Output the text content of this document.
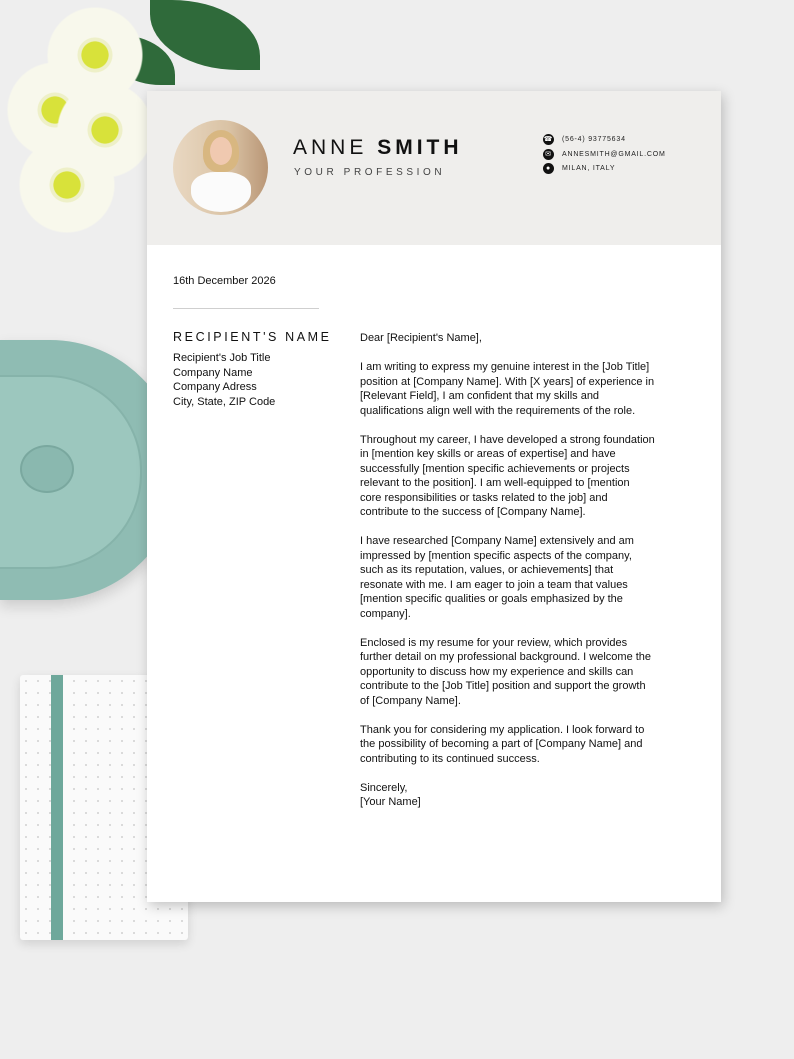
ANNE SMITH
YOUR PROFESSION
☎ (56-4) 93775634
✉	ANNESMITH@GMAIL.COM
●	MILAN, ITALY
16th December 2026
RECIPIENT'S NAME
Recipient's Job Title
Company Name
Company Adress
City, State, ZIP Code
Dear [Recipient's Name],
I am writing to express my genuine interest in the [Job Title]
position at [Company Name]. With [X years] of experience in
[Relevant Field], I am confident that my skills and
qualifications align well with the requirements of the role.
Throughout my career, I have developed a strong foundation
in [mention key skills or areas of expertise] and have
successfully [mention specific achievements or projects
relevant to the position]. I am well-equipped to [mention
core responsibilities or tasks related to the job] and
contribute to the success of [Company Name].
I have researched [Company Name] extensively and am
impressed by [mention specific aspects of the company,
such as its reputation, values, or achievements] that
resonate with me. I am eager to join a team that values
[mention specific qualities or goals emphasized by the
company].
Enclosed is my resume for your review, which provides
further detail on my professional background. I welcome the
opportunity to discuss how my experience and skills can
contribute to the [Job Title] position and support the growth
of [Company Name].
Thank you for considering my application. I look forward to
the possibility of becoming a part of [Company Name] and
contributing to its continued success.
Sincerely,
[Your Name]
